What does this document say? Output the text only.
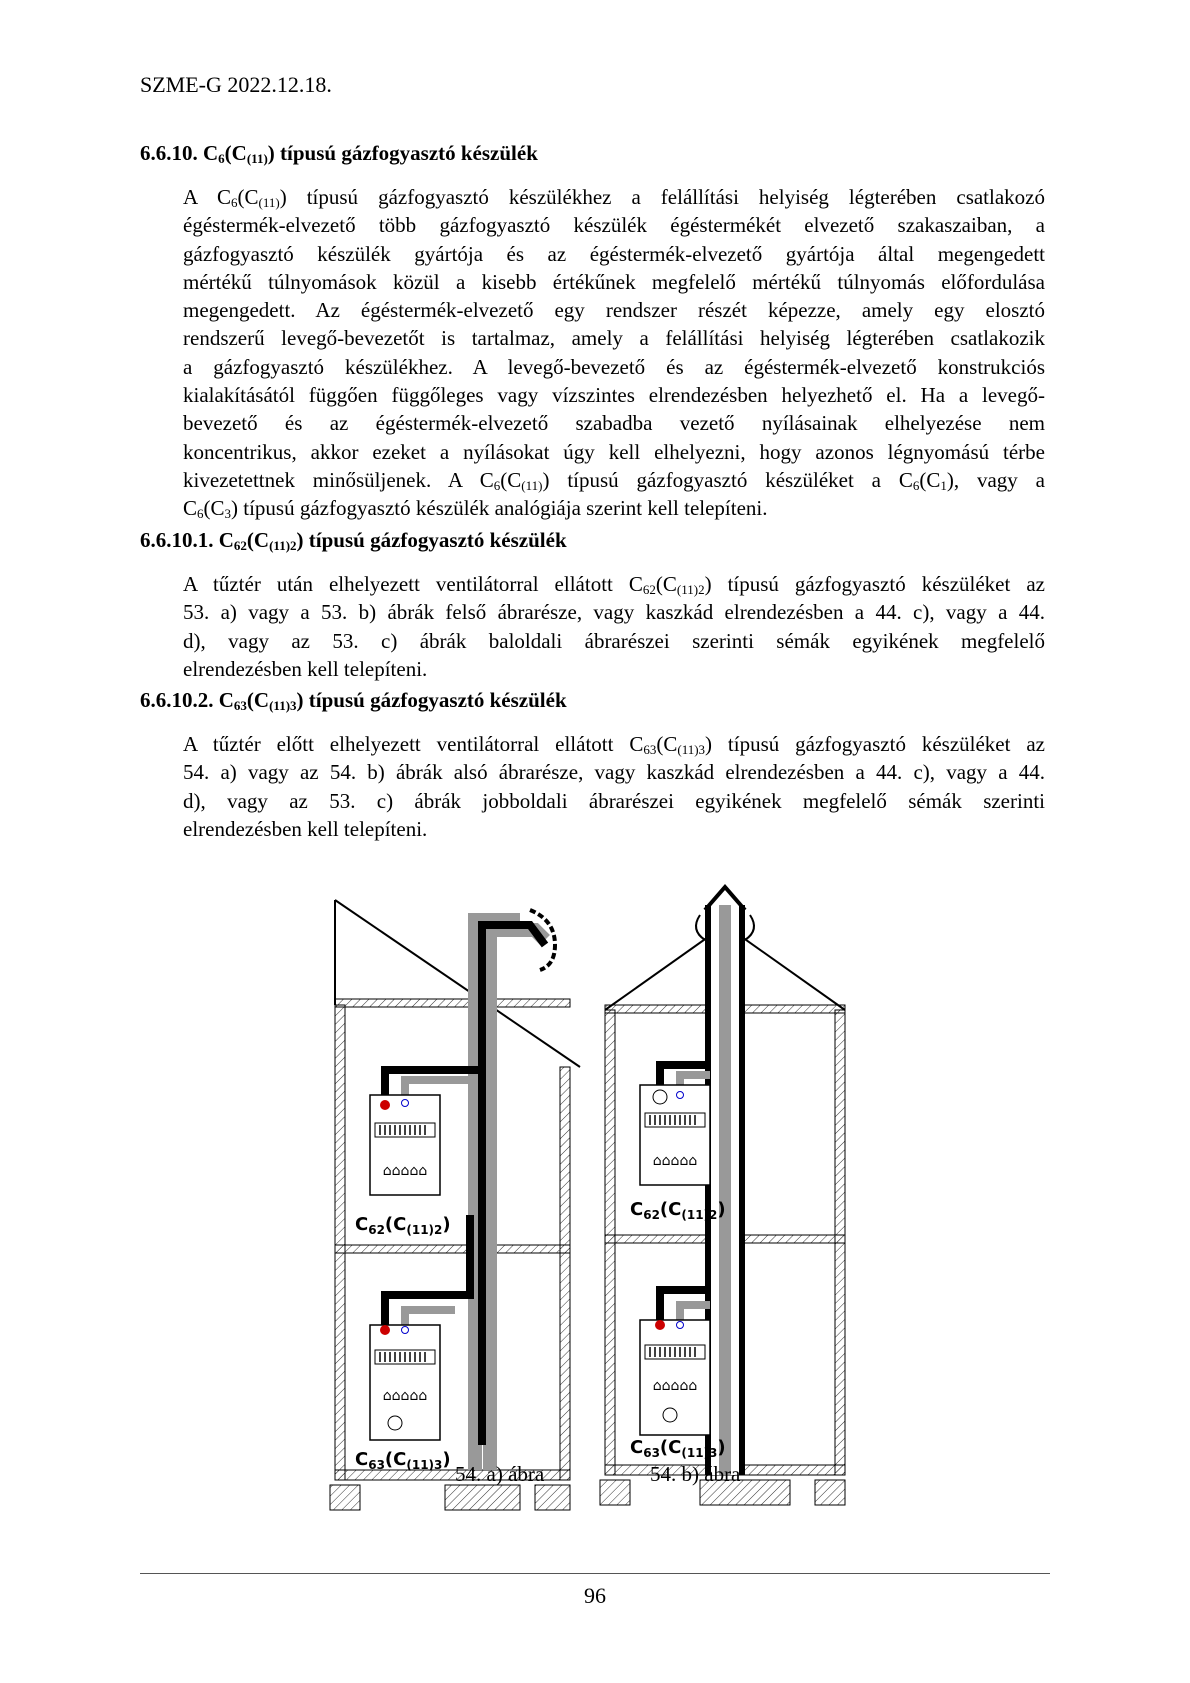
SZME-G 2022.12.18.
6.6.10. $C_6(C_{(11)})$ típusú gázfogyasztó készülék
A $C_6(C_{(11)})$ típusú gázfogyasztó készülékhez a felállítási helyiség légterében csatlakozó
égéstermék-elvezető több gázfogyasztó készülék égéstermékét elvezető szakaszaiban, a
gázfogyasztó készülék gyártója és az égéstermék-elvezető gyártója által megengedett
mértékű túlnyomások közül a kisebb értékűnek megfelelő mértékű túlnyomás előfordulása
megengedett. Az égéstermék-elvezető egy rendszer részét képezze, amely egy elosztó
rendszerű levegő-bevezetőt is tartalmaz, amely a felállítási helyiség légterében csatlakozik
a gázfogyasztó készülékhez. A levegő-bevezető és az égéstermék-elvezető konstrukciós
kialakításától függően függőleges vagy vízszintes elrendezésben helyezhető el. Ha a levegő-
bevezető és az égéstermék-elvezető szabadba vezető nyílásainak elhelyezése nem
koncentrikus, akkor ezeket a nyílásokat úgy kell elhelyezni, hogy azonos légnyomású térbe
kivezetettnek minősüljenek. A $C_6(C_{(11)})$ típusú gázfogyasztó készüléket a $C_6(C_1)$, vagy a
$C_6(C_3)$ típusú gázfogyasztó készülék analógiája szerint kell telepíteni.
6.6.10.1. $C_{62}(C_{(11)2})$ típusú gázfogyasztó készülék
A tűztér után elhelyezett ventilátorral ellátott $C_{62}(C_{(11)2})$ típusú gázfogyasztó készüléket az
53. a) vagy a 53. b) ábrák felső ábrarésze, vagy kaszkád elrendezésben a 44. c), vagy a 44.
d), vagy az 53. c) ábrák baloldali ábrarészei szerinti sémák egyikének megfelelő
elrendezésben kell telepíteni.
6.6.10.2. $C_{63}(C_{(11)3})$ típusú gázfogyasztó készülék
A tűztér előtt elhelyezett ventilátorral ellátott $C_{63}(C_{(11)3})$ típusú gázfogyasztó készüléket az
54. a) vagy az 54. b) ábrák alsó ábrarésze, vagy kaszkád elrendezésben a 44. c), vagy a 44.
d), vagy az 53. c) ábrák jobboldali ábrarészei egyikének megfelelő sémák szerinti
elrendezésben kell telepíteni.
⌂⌂⌂⌂⌂
$C_{62}(C_{(11)2})$
⌂⌂⌂⌂⌂
$C_{63}(C_{(11)3})$
⌂⌂⌂⌂⌂
$C_{62}(C_{(11)2})$
⌂⌂⌂⌂⌂
$C_{63}(C_{(11)3})$
54. a) ábra	54. b) ábra
96
